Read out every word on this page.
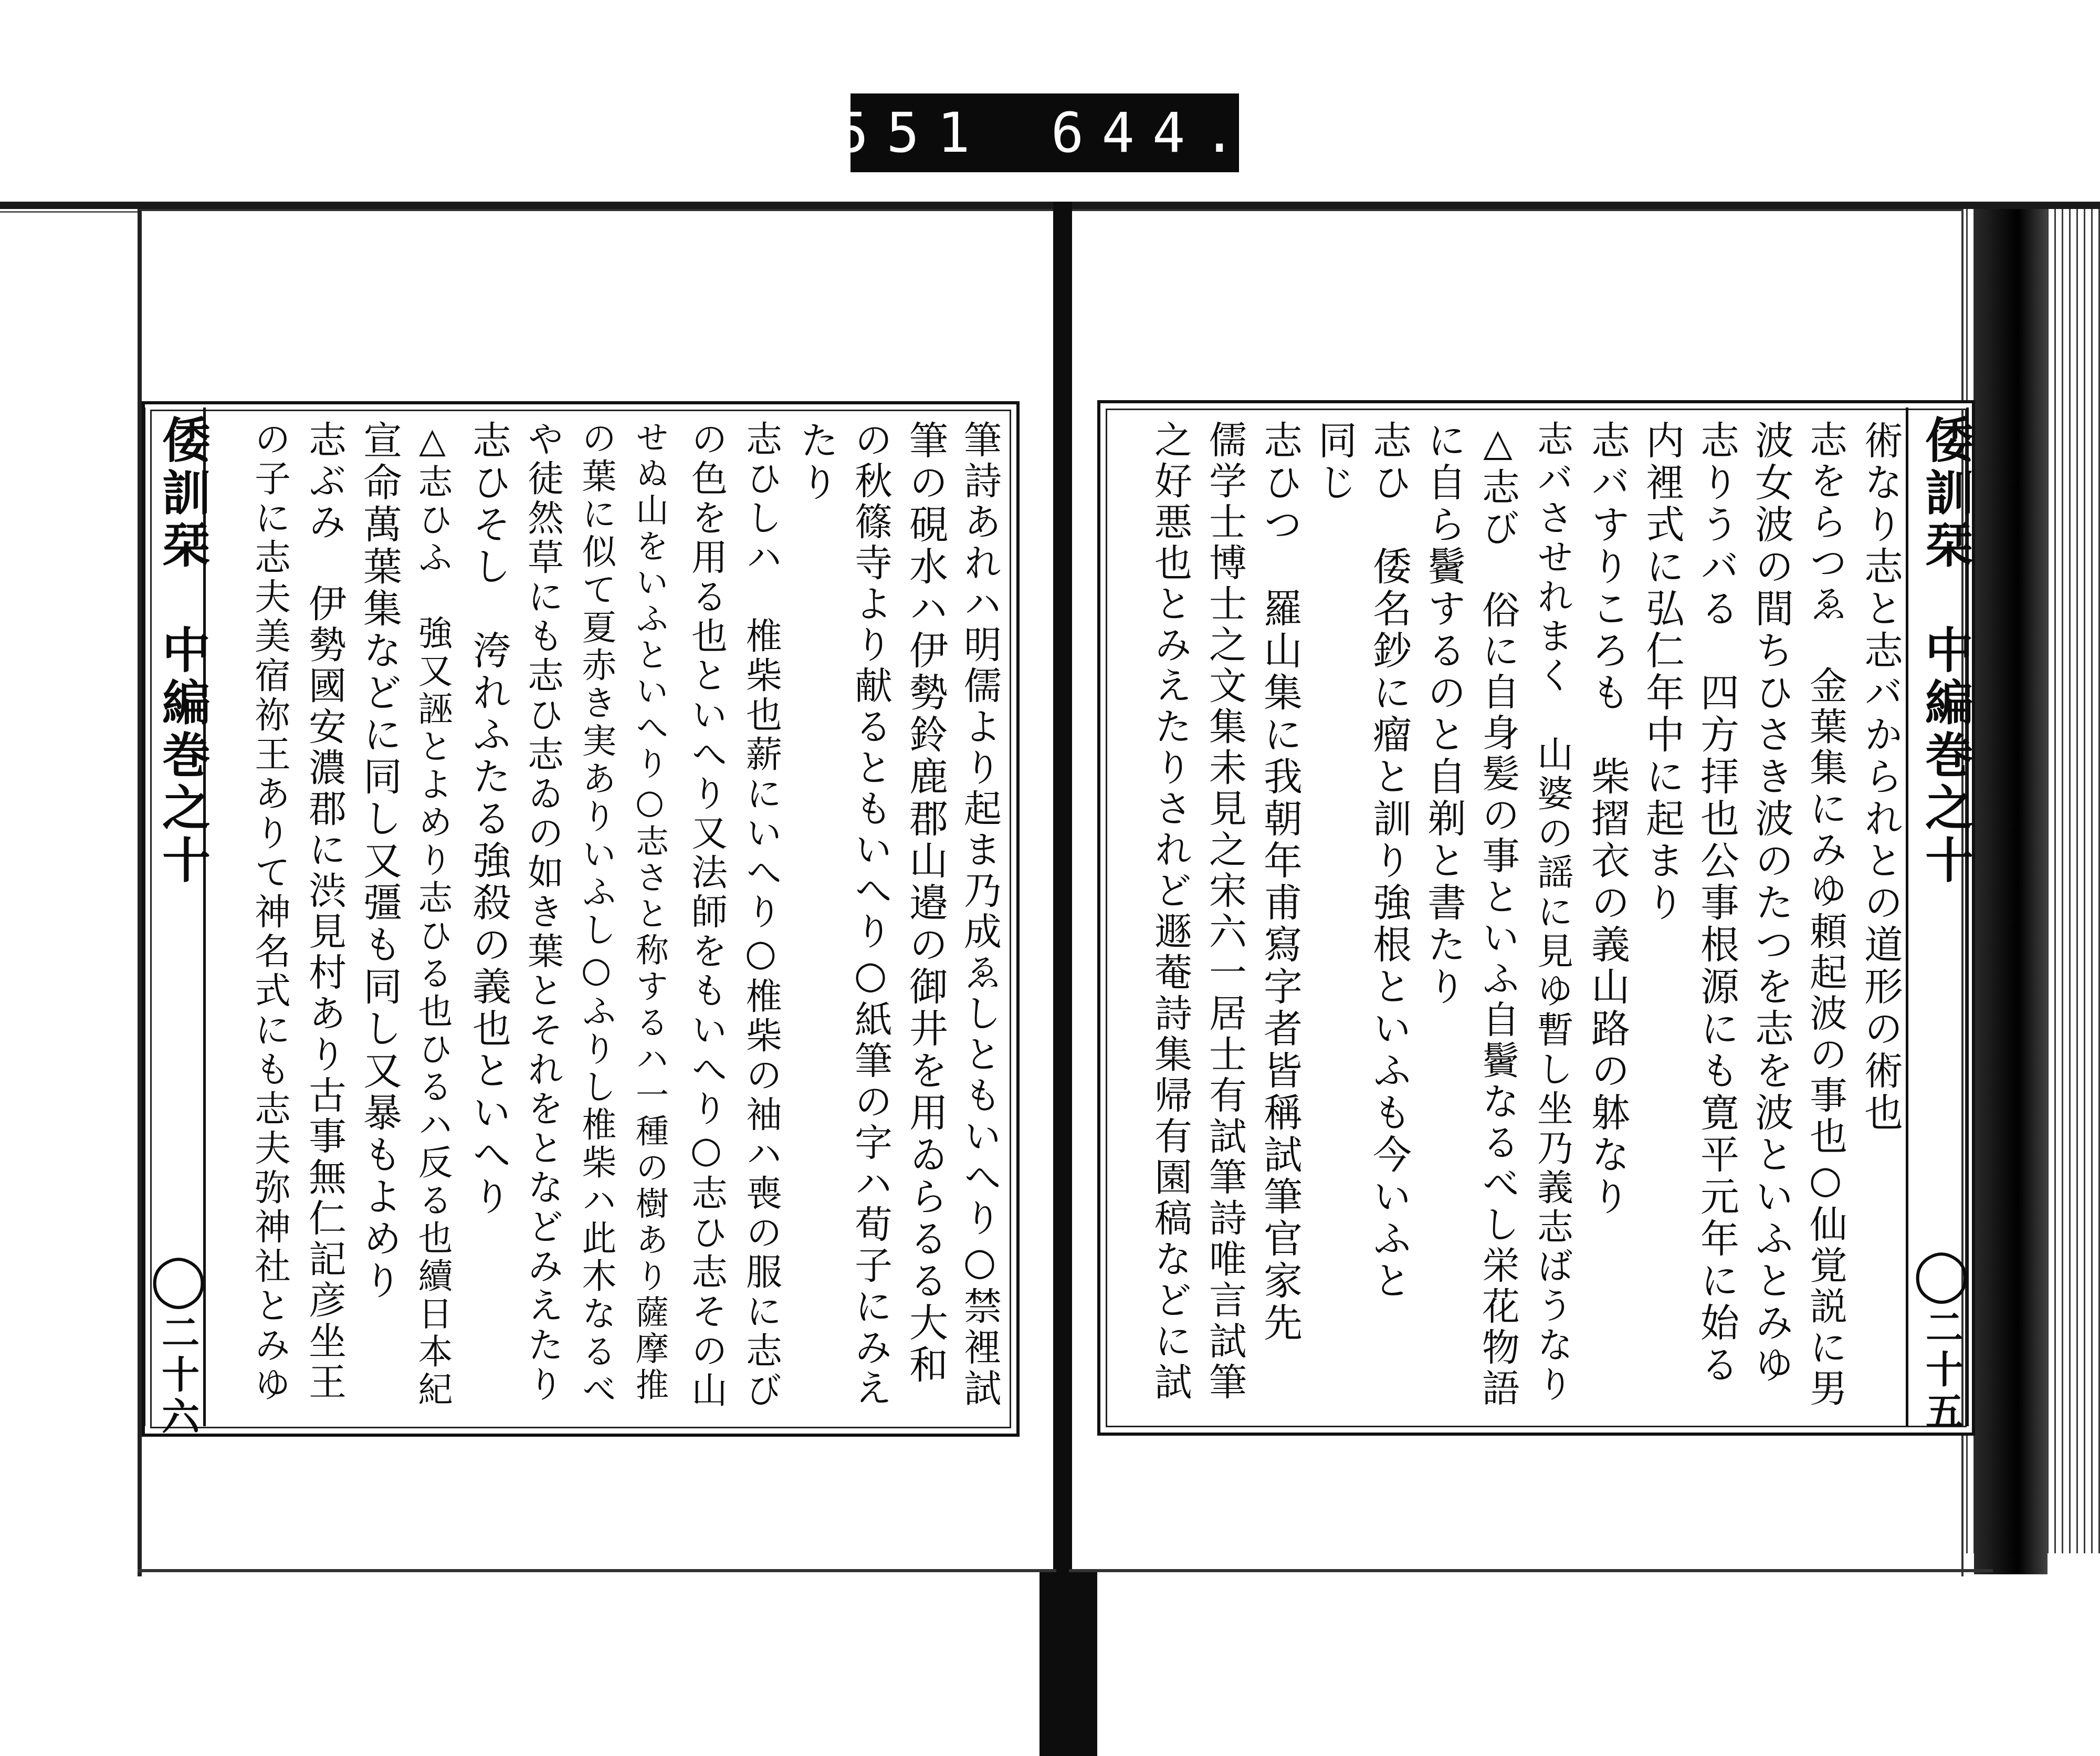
551 644.
倭訓栞　中編巻之十
◯
二十六	筆詩あれハ明儒より起ま乃成ゑしともいへり○禁裡試
筆の硯水ハ伊勢鈴鹿郡山邉の御井を用ゐらるる大和
の秋篠寺より献るともいへり○紙筆の字ハ荀子にみえ
たり
志ひしハ　椎柴也薪にいへり○椎柴の袖ハ喪の服に志び
の色を用る也といへり又法師をもいへり○志ひ志その山
せぬ山をいふといへり○志さと称するハ一種の樹あり薩摩推
の葉に似て夏赤き実ありいふし○ふりし椎柴ハ此木なるべ
や徒然草にも志ひ志ゐの如き葉とそれをとなどみえたり
志ひそし　洿れふたる強殺の義也といへり
△志ひふ　強又誣とよめり志ひる也ひるハ反る也續日本紀
宣命萬葉集などに同し又彊も同し又暴もよめり
志ぶみ　伊勢國安濃郡に渋見村あり古事無仁記彦坐王
の子に志夫美宿祢王ありて神名式にも志夫弥神社とみゆ	倭訓栞　中編巻之十
◯
二十五
術なり志と志バかられとの道形の術也
志をらつゑ　金葉集にみゆ頼起波の事也○仙覚説に男
波女波の間ちひさき波のたつを志を波といふとみゆ
志りうバる　四方拝也公事根源にも寛平元年に始る
内裡式に弘仁年中に起まり
志バすりころも　柴摺衣の義山路の躰なり
志バさせれまく　山婆の謡に見ゆ暫し坐乃義志ばうなり
△志び　俗に自身髪の事といふ自鬢なるべし栄花物語
に自ら鬢するのと自剃と書たり
志ひ　倭名鈔に瘤と訓り強根といふも今いふと
同じ
志ひつ　羅山集に我朝年甫寫字者皆稱試筆官家先
儒学士博士之文集未見之宋六一居士有試筆詩唯言試筆
之好悪也とみえたりされど遯菴詩集帰有園稿などに試
